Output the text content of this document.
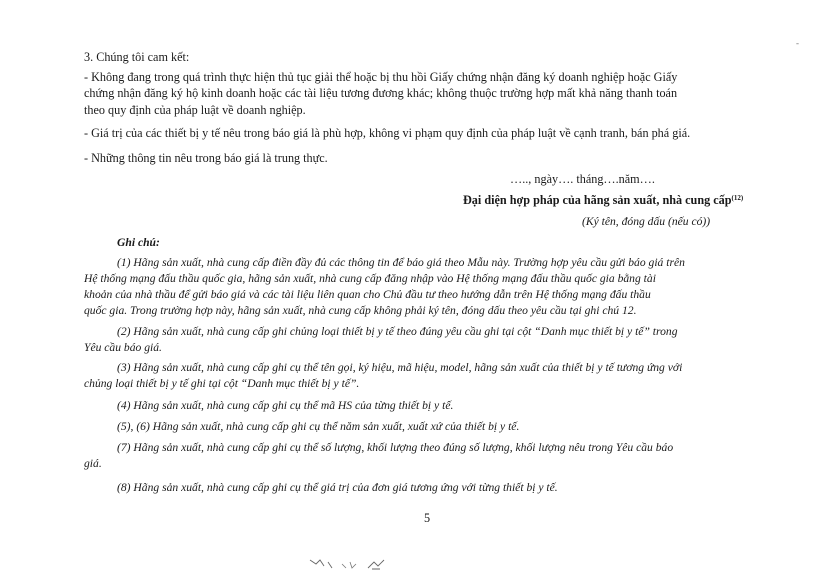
-
3. Chúng tôi cam kết:
- Không đang trong quá trình thực hiện thủ tục giải thể hoặc bị thu hồi Giấy chứng nhận đăng ký doanh nghiệp hoặc Giấy
chứng nhận đăng ký hộ kinh doanh hoặc các tài liệu tương đương khác; không thuộc trường hợp mất khả năng thanh toán
theo quy định của pháp luật về doanh nghiệp.
- Giá trị của các thiết bị y tế nêu trong báo giá là phù hợp, không vi phạm quy định của pháp luật về cạnh tranh, bán phá giá.
- Những thông tin nêu trong báo giá là trung thực.
….., ngày…. tháng….năm….
Đại diện hợp pháp của hãng sản xuất, nhà cung cấp$^{(12)}$
(Ký tên, đóng dấu (nếu có))
Ghi chú:
(1) Hãng sản xuất, nhà cung cấp điền đầy đủ các thông tin để báo giá theo Mẫu này. Trường hợp yêu cầu gửi báo giá trên
Hệ thống mạng đấu thầu quốc gia, hãng sản xuất, nhà cung cấp đăng nhập vào Hệ thống mạng đấu thầu quốc gia bằng tài
khoản của nhà thầu để gửi báo giá và các tài liệu liên quan cho Chủ đầu tư theo hướng dẫn trên Hệ thống mạng đấu thầu
quốc gia. Trong trường hợp này, hãng sản xuất, nhà cung cấp không phải ký tên, đóng dấu theo yêu cầu tại ghi chú 12.
(2) Hãng sản xuất, nhà cung cấp ghi chủng loại thiết bị y tế theo đúng yêu cầu ghi tại cột “Danh mục thiết bị y tế” trong
Yêu cầu báo giá.
(3) Hãng sản xuất, nhà cung cấp ghi cụ thể tên gọi, ký hiệu, mã hiệu, model, hãng sản xuất của thiết bị y tế tương ứng với
chủng loại thiết bị y tế ghi tại cột “Danh mục thiết bị y tế”.
(4) Hãng sản xuất, nhà cung cấp ghi cụ thể mã HS của từng thiết bị y tế.
(5), (6) Hãng sản xuất, nhà cung cấp ghi cụ thể năm sản xuất, xuất xứ của thiết bị y tế.
(7) Hãng sản xuất, nhà cung cấp ghi cụ thể số lượng, khối lượng theo đúng số lượng, khối lượng nêu trong Yêu cầu báo
giá.
(8) Hãng sản xuất, nhà cung cấp ghi cụ thể giá trị của đơn giá tương ứng với từng thiết bị y tế.
5
